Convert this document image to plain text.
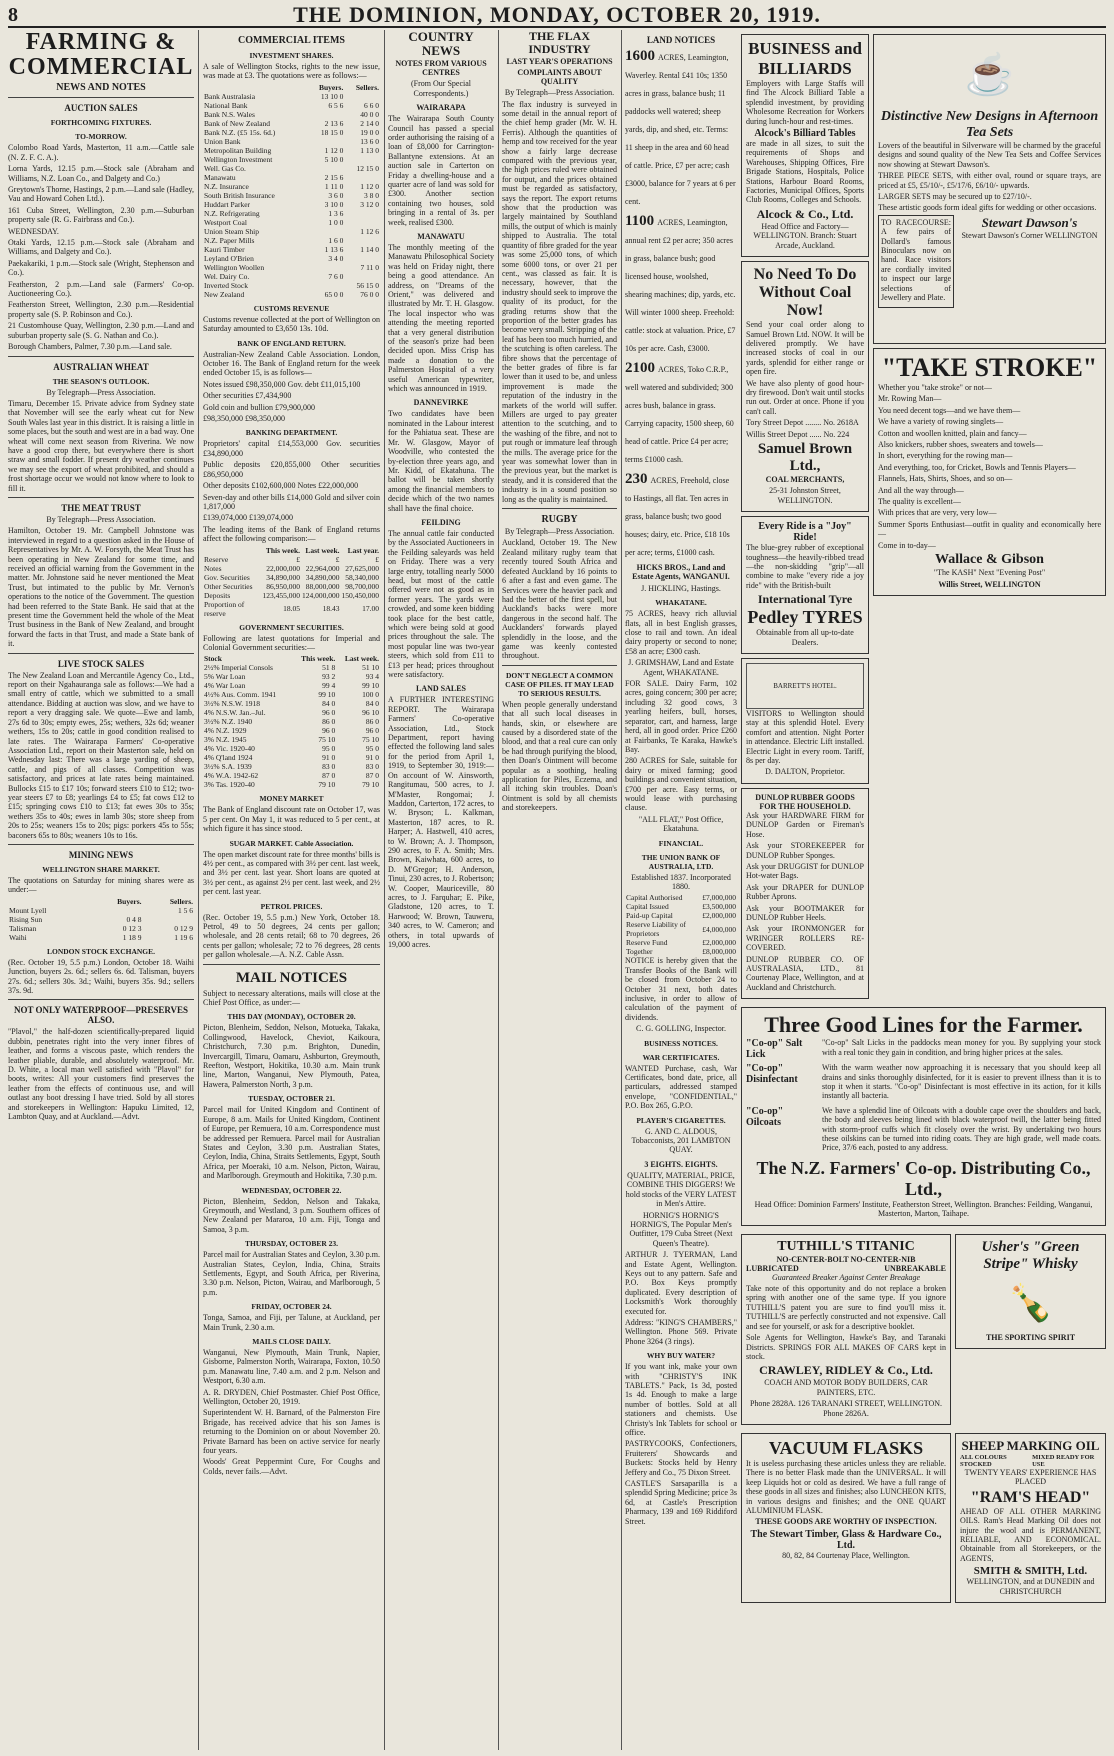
8	THE DOMINION, MONDAY, OCTOBER 20, 1919.
FARMING & COMMERCIAL
NEWS AND NOTES
AUCTION SALES
FORTHCOMING FIXTURES.
TO-MORROW.

Colombo Road Yards, Masterton, 11 a.m.—Cattle sale (N. Z. F. C. A.).

Lorna Yards, 12.15 p.m.—Stock sale (Abraham and Williams, N.Z. Loan Co., and Dalgety and Co.)

Greytown's Thorne, Hastings, 2 p.m.—Land sale (Hadley, Vau and Howard Cohen Ltd.).

161 Cuba Street, Wellington, 2.30 p.m.—Suburban property sale (R. G. Fairbrass and Co.).

WEDNESDAY.

Otaki Yards, 12.15 p.m.—Stock sale (Abraham and Williams, and Dalgety and Co.).

Paekakariki, 1 p.m.—Stock sale (Wright, Stephenson and Co.).

Featherston, 2 p.m.—Land sale (Farmers' Co-op. Auctioneering Co.).

Featherston Street, Wellington, 2.30 p.m.—Residential property sale (S. P. Robinson and Co.).

21 Customhouse Quay, Wellington, 2.30 p.m.—Land and suburban property sale (S. G. Nathan and Co.).

Borough Chambers, Palmer, 7.30 p.m.—Land sale.

AUSTRALIAN WHEAT
THE SEASON'S OUTLOOK.

By Telegraph—Press Association.

Timaru, December 15. Private advice from Sydney state that November will see the early wheat cut for New South Wales last year in this district. It is raising a little in some places, but the south and west are in a bad way. One wheat will come next season from Riverina. We now have a good crop there, but everywhere there is short straw and small fodder. If present dry weather continues we may see the export of wheat prohibited, and should a frost shortage occur we would not know where to look to fill it.

THE MEAT TRUST

By Telegraph—Press Association.

Hamilton, October 19. Mr. Campbell Johnstone was interviewed in regard to a question asked in the House of Representatives by Mr. A. W. Forsyth, the Meat Trust has been operating in New Zealand for some time, and received an official warning from the Government in the matter. Mr. Johnstone said he never mentioned the Meat Trust, but intimated to the public by Mr. Vernon's operations to the notice of the Government. The question had been referred to the State Bank. He said that at the present time the Government held the whole of the Meat Trust business in the Bank of New Zealand, and brought forward the facts in that Trust, and made a State bank of it.

LIVE STOCK SALES

The New Zealand Loan and Mercantile Agency Co., Ltd., report on their Ngahauranga sale as follows:—We had a small entry of cattle, which we submitted to a small attendance. Bidding at auction was slow, and we have to report a very dragging sale. We quote—Ewe and lamb, 27s 6d to 30s; empty ewes, 25s; wethers, 32s 6d; weaner wethers, 15s to 20s; cattle in good condition realised to late rates. The Wairarapa Farmers' Co-operative Association Ltd., report on their Masterton sale, held on Wednesday last: There was a large yarding of sheep, cattle, and pigs of all classes. Competition was satisfactory, and prices at late rates being maintained. Bullocks £15 to £17 10s; forward steers £10 to £12; two-year steers £7 to £8; yearlings £4 to £5; fat cows £12 to £15; springing cows £10 to £13; fat ewes 30s to 35s; wethers 35s to 40s; ewes in lamb 30s; store sheep from 20s to 25s; weaners 15s to 20s; pigs: porkers 45s to 55s; baconers 65s to 80s; weaners 10s to 16s.

MINING NEWS
WELLINGTON SHARE MARKET.

The quotations on Saturday for mining shares were as under:—

	Buyers.	Sellers.
Mount Lyell		1 5 6
Rising Sun	0 4 8	
Talisman	0 12 3	0 12 9
Waihi	1 18 9	1 19 6
LONDON STOCK EXCHANGE.

(Rec. October 19, 5.5 p.m.) London, October 18. Waihi Junction, buyers 2s. 6d.; sellers 6s. 6d. Talisman, buyers 27s. 6d.; sellers 30s. 3d.; Waihi, buyers 35s. 9d.; sellers 37s. 9d.

NOT ONLY WATERPROOF—PRESERVES ALSO.

"Plavol," the half-dozen scientifically-prepared liquid dubbin, penetrates right into the very inner fibres of leather, and forms a viscous paste, which renders the leather pliable, durable, and absolutely waterproof. Mr. D. White, a local man well satisfied with "Plavol" for boots, writes: All your customers find preserves the leather from the effects of continuous use, and will outlast any boot dressing I have tried. Sold by all stores and storekeepers in Wellington: Hapuku Limited, 12, Lambton Quay, and at Auckland.—Advt.

COMMERCIAL ITEMS
INVESTMENT SHARES.

A sale of Wellington Stocks, rights to the new issue, was made at £3. The quotations were as follows:—

	Buyers.	Sellers.
Bank Australasia	13 10 0	
National Bank	6 5 6	6 6 0
Bank N.S. Wales		40 0 0
Bank of New Zealand	2 13 6	2 14 0
Bank N.Z. (£5 15s. 6d.)	18 15 0	19 0 0
Union Bank		13 6 0
Metropolitan Building	1 12 0	1 13 0
Wellington Investment	5 10 0	
Well. Gas Co.		12 15 0
Manawatu	2 15 6	
N.Z. Insurance	1 11 0	1 12 0
South British Insurance	3 6 0	3 8 0
Huddart Parker	3 10 0	3 12 0
N.Z. Refrigerating	1 3 6	
Westport Coal	1 0 0	
Union Steam Ship		1 12 6
N.Z. Paper Mills	1 6 0	
Kauri Timber	1 13 6	1 14 0
Leyland O'Brien	3 4 0	
Wellington Woollen		7 11 0
Wel. Dairy Co.	7 6 0	
Inverted Stock		56 15 0
New Zealand	65 0 0	76 0 0
CUSTOMS REVENUE

Customs revenue collected at the port of Wellington on Saturday amounted to £3,650 13s. 10d.

BANK OF ENGLAND RETURN.

Australian-New Zealand Cable Association. London, October 16. The Bank of England return for the week ended October 15, is as follows—

Notes issued £98,350,000 Gov. debt £11,015,100

Other securities £7,434,900

Gold coin and bullion £79,900,000

£98,350,000 £98,350,000

BANKING DEPARTMENT.

Proprietors' capital £14,553,000 Gov. securities £34,890,000

Public deposits £20,855,000 Other securities £86,950,000

Other deposits £102,600,000 Notes £22,000,000

Seven-day and other bills £14,000 Gold and silver coin 1,817,000

£139,074,000 £139,074,000

The leading items of the Bank of England returns affect the following comparison:—

	This week.	Last week.	Last year.
Reserve	£	£	£
Notes	22,000,000	22,964,000	27,625,000
Gov. Securities	34,890,000	34,890,000	58,340,000
Other Securities	86,950,000	88,000,000	98,700,000
Deposits	123,455,000	124,000,000	150,450,000
Proportion of reserve	18.05	18.43	17.00
GOVERNMENT SECURITIES.

Following are latest quotations for Imperial and Colonial Government securities:—

Stock	This week.	Last week.
2½% Imperial Consols	51 8	51 10
5% War Loan	93 2	93 4
4% War Loan	99 4	99 10
4½% Aus. Comm. 1941	99 10	100 0
3½% N.S.W. 1918	84 0	84 0
4% N.S.W. Jan.–Jul.	96 0	96 10
3½% N.Z. 1940	86 0	86 0
4% N.Z. 1929	96 0	96 0
3% N.Z. 1945	75 10	75 10
4% Vic. 1920-40	95 0	95 0
4% Q'land 1924	91 0	91 0
3½% S.A. 1939	83 0	83 0
4% W.A. 1942-62	87 0	87 0
3% Tas. 1920-40	79 10	79 10
MONEY MARKET

The Bank of England discount rate on October 17, was 5 per cent. On May 1, it was reduced to 5 per cent., at which figure it has since stood.

SUGAR MARKET. Cable Association.

The open market discount rate for three months' bills is 4½ per cent., as compared with 3½ per cent. last week, and 3½ per cent. last year. Short loans are quoted at 3½ per cent., as against 2½ per cent. last week, and 2½ per cent. last year.

PETROL PRICES.

(Rec. October 19, 5.5 p.m.) New York, October 18. Petrol, 49 to 50 degrees, 24 cents per gallon; wholesale, and 28 cents retail; 68 to 70 degrees, 26 cents per gallon; wholesale; 72 to 76 degrees, 28 cents per gallon wholesale.—A. N.Z. Cable Assn.

MAIL NOTICES

Subject to necessary alterations, mails will close at the Chief Post Office, as under:—

THIS DAY (MONDAY), OCTOBER 20.

Picton, Blenheim, Seddon, Nelson, Motueka, Takaka, Collingwood, Havelock, Cheviot, Kaikoura, Christchurch, 7.30 p.m. Brighton, Dunedin, Invercargill, Timaru, Oamaru, Ashburton, Greymouth, Reefton, Westport, Hokitika, 10.30 a.m. Main trunk line, Marton, Wanganui, New Plymouth, Patea, Hawera, Palmerston North, 3 p.m.

TUESDAY, OCTOBER 21.

Parcel mail for United Kingdom and Continent of Europe, 8 a.m. Mails for United Kingdom, Continent of Europe, per Remuera, 10 a.m. Correspondence must be addressed per Remuera. Parcel mail for Australian States and Ceylon, 3.30 p.m. Australian States, Ceylon, India, China, Straits Settlements, Egypt, South Africa, per Moeraki, 10 a.m. Nelson, Picton, Wairau, and Marlborough. Greymouth and Hokitika, 7.30 p.m.

WEDNESDAY, OCTOBER 22.

Picton, Blenheim, Seddon, Nelson and Takaka, Greymouth, and Westland, 3 p.m. Southern offices of New Zealand per Mararoa, 10 a.m. Fiji, Tonga and Samoa, 3 p.m.

THURSDAY, OCTOBER 23.

Parcel mail for Australian States and Ceylon, 3.30 p.m. Australian States, Ceylon, India, China, Straits Settlements, Egypt, and South Africa, per Riverina, 3.30 p.m. Nelson, Picton, Wairau, and Marlborough, 5 p.m.

FRIDAY, OCTOBER 24.

Tonga, Samoa, and Fiji, per Talune, at Auckland, per Main Trunk, 2.30 a.m.

MAILS CLOSE DAILY.

Wanganui, New Plymouth, Main Trunk, Napier, Gisborne, Palmerston North, Wairarapa, Foxton, 10.50 p.m. Manawatu line, 7.40 a.m. and 2 p.m. Nelson and Westport, 6.30 a.m.

A. R. DRYDEN, Chief Postmaster. Chief Post Office, Wellington, October 20, 1919.

Superintendent W. H. Barnard, of the Palmerston Fire Brigade, has received advice that his son James is returning to the Dominion on or about November 20. Private Barnard has been on active service for nearly four years.

Woods' Great Peppermint Cure, For Coughs and Colds, never fails.—Advt.

COUNTRY NEWS
NOTES FROM VARIOUS CENTRES

(From Our Special Correspondents.)

WAIRARAPA

The Wairarapa South County Council has passed a special order authorising the raising of a loan of £8,000 for Carrington-Ballantyne extensions. At an auction sale in Carterton on Friday a dwelling-house and a quarter acre of land was sold for £300. Another section containing two houses, sold bringing in a rental of 3s. per week, realised £300.

MANAWATU

The monthly meeting of the Manawatu Philosophical Society was held on Friday night, there being a good attendance. An address, on "Dreams of the Orient," was delivered and illustrated by Mr. T. H. Glasgow. The local inspector who was attending the meeting reported that a very general distribution of the season's prize had been decided upon. Miss Crisp has made a donation to the Palmerston Hospital of a very useful American typewriter, which was announced in 1919.

DANNEVIRKE

Two candidates have been nominated in the Labour interest for the Pahiatua seat. These are Mr. W. Glasgow, Mayor of Woodville, who contested the by-election three years ago, and Mr. Kidd, of Ekatahuna. The ballot will be taken shortly among the financial members to decide which of the two names shall have the final choice.

FEILDING

The annual cattle fair conducted by the Associated Auctioneers in the Feilding saleyards was held on Friday. There was a very large entry, totalling nearly 5000 head, but most of the cattle offered were not as good as in former years. The yards were crowded, and some keen bidding took place for the best cattle, which were being sold at good prices throughout the sale. The most popular line was two-year steers, which sold from £11 to £13 per head; prices throughout were satisfactory.

LAND SALES

A FURTHER INTERESTING REPORT. The Wairarapa Farmers' Co-operative Association, Ltd., Stock Department, report having effected the following land sales for the period from April 1, 1919, to September 30, 1919:—On account of W. Ainsworth, Rangitumau, 500 acres, to J. M'Master, Rongomai; J. Maddon, Carterton, 172 acres, to W. Bryson; L. Kalkman, Masterton, 187 acres, to R. Harper; A. Hastwell, 410 acres, to W. Brown; A. J. Thompson, 290 acres, to F. A. Smith; Mrs. Brown, Kaiwhata, 600 acres, to D. M'Gregor; H. Anderson, Tinui, 230 acres, to J. Robertson; W. Cooper, Mauriceville, 80 acres, to J. Farquhar; E. Pike, Gladstone, 120 acres, to T. Harwood; W. Brown, Tauweru, 340 acres, to W. Cameron; and others, in total upwards of 19,000 acres.

THE FLAX INDUSTRY
LAST YEAR'S OPERATIONS
COMPLAINTS ABOUT QUALITY

By Telegraph—Press Association.

The flax industry is surveyed in some detail in the annual report of the chief hemp grader (Mr. W. H. Ferris). Although the quantities of hemp and tow received for the year show a fairly large decrease compared with the previous year, the high prices ruled were obtained for output, and the prices obtained must be regarded as satisfactory, says the report. The export returns show that the production was largely maintained by Southland mills, the output of which is mainly shipped to Australia. The total quantity of fibre graded for the year was some 25,000 tons, of which some 6000 tons, or over 21 per cent., was classed as fair. It is necessary, however, that the industry should seek to improve the quality of its product, for the grading returns show that the proportion of the better grades has become very small. Stripping of the leaf has been too much hurried, and the scutching is often careless. The fibre shows that the percentage of the better grades of fibre is far lower than it used to be, and unless improvement is made the reputation of the industry in the markets of the world will suffer. Millers are urged to pay greater attention to the scutching, and to the washing of the fibre, and not to put rough or immature leaf through the mills. The average price for the year was somewhat lower than in the previous year, but the market is steady, and it is considered that the industry is in a sound position so long as the quality is maintained.

RUGBY

By Telegraph—Press Association.

Auckland, October 19. The New Zealand military rugby team that recently toured South Africa and defeated Auckland by 16 points to 6 after a fast and even game. The Services were the heavier pack and had the better of the first spell, but Auckland's backs were more dangerous in the second half. The Aucklanders' forwards played splendidly in the loose, and the game was keenly contested throughout.

DON'T NEGLECT A COMMON CASE OF PILES. IT MAY LEAD TO SERIOUS RESULTS.

When people generally understand that all such local diseases in hands, skin, or elsewhere are caused by a disordered state of the blood, and that a real cure can only be had through purifying the blood, then Doan's Ointment will become popular as a soothing, healing application for Piles, Eczema, and all itching skin troubles. Doan's Ointment is sold by all chemists and storekeepers.

LAND NOTICES
1600 ACRES, Leamington, Waverley. Rental £41 10s; 1350 acres in grass, balance bush; 11 paddocks well watered; sheep yards, dip, and shed, etc. Terms: 11 sheep in the area and 60 head of cattle. Price, £7 per acre; cash £3000, balance for 7 years at 6 per cent.
1100 ACRES, Leamington, annual rent £2 per acre; 350 acres in grass, balance bush; good licensed house, woolshed, shearing machines; dip, yards, etc. Will winter 1000 sheep. Freehold: cattle: stock at valuation. Price, £7 10s per acre. Cash, £3000.
2100 ACRES, Toko C.R.P., well watered and subdivided; 300 acres bush, balance in grass. Carrying capacity, 1500 sheep, 60 head of cattle. Price £4 per acre; terms £1000 cash.
230 ACRES, Freehold, close to Hastings, all flat. Ten acres in grass, balance bush; two good houses; dairy, etc. Price, £18 10s per acre; terms, £1000 cash.

HICKS BROS., Land and Estate Agents, WANGANUI.

J. HICKLING, Hastings.

WHAKATANE.

75 ACRES, heavy rich alluvial flats, all in best English grasses, close to rail and town. An ideal dairy property or second to none; £58 an acre; £300 cash.

J. GRIMSHAW, Land and Estate Agent, WHAKATANE.

FOR SALE. Dairy Farm, 102 acres, going concern; 300 per acre; including 32 good cows, 3 yearling heifers, bull, horses, separator, cart, and harness, large herd, all in good order. Price £260 at Fairbanks, Te Karaka, Hawke's Bay.

280 ACRES for Sale, suitable for dairy or mixed farming; good buildings and convenient situation, £700 per acre. Easy terms, or would lease with purchasing clause.

"ALL FLAT," Post Office, Ekatahuna.

FINANCIAL.
THE UNION BANK OF AUSTRALIA, LTD.

Established 1837. Incorporated 1880.

Capital Authorised	£7,000,000
Capital Issued	£3,500,000
Paid-up Capital	£2,000,000
Reserve Liability of Proprietors	£4,000,000
Reserve Fund	£2,000,000
Together	£8,000,000

NOTICE is hereby given that the Transfer Books of the Bank will be closed from October 24 to October 31 next, both dates inclusive, in order to allow of calculation of the payment of dividends.

C. G. GOLLING, Inspector.

BUSINESS NOTICES.
WAR CERTIFICATES.

WANTED Purchase, cash, War Certificates, bond date, price, all particulars, addressed stamped envelope, "CONFIDENTIAL," P.O. Box 265, G.P.O.

PLAYER'S CIGARETTES.

G. AND C. ALDOUS, Tobacconists, 201 LAMBTON QUAY.

3 EIGHTS. EIGHTS.

QUALITY, MATERIAL, PRICE, COMBINE THIS DIGGERS! We hold stocks of the VERY LATEST in Men's Attire.

HORNIG'S HORNIG'S HORNIG'S, The Popular Men's Outfitter, 179 Cuba Street (Next Queen's Theatre).

ARTHUR J. TYERMAN, Land and Estate Agent, Wellington. Keys out to any pattern. Safe and P.O. Box Keys promptly duplicated. Every description of Locksmith's Work thoroughly executed for.

Address: "KING'S CHAMBERS," Wellington. Phone 569. Private Phone 3264 (3 rings).

WHY BUY WATER?

If you want ink, make your own with "CHRISTY'S INK TABLETS." Pack, 1s 3d, posted 1s 4d. Enough to make a large number of bottles. Sold at all stationers and chemists. Use Christy's Ink Tablets for school or office.

PASTRYCOOKS, Confectioners, Fruiterers' Showcards and Buckets: Stocks held by Henry Jeffery and Co., 75 Dixon Street.

CASTLE'S Sarsaparilla is a splendid Spring Medicine; price 3s 6d, at Castle's Prescription Pharmacy, 139 and 169 Riddiford Street.

BUSINESS and BILLIARDS

Employers with Large Staffs will find The Alcock Billiard Table a splendid investment, by providing Wholesome Recreation for Workers during lunch-hour and rest-times.

Alcock's Billiard Tables

are made in all sizes, to suit the requirements of Shops and Warehouses, Shipping Offices, Fire Brigade Stations, Hospitals, Police Stations, Harbour Board Rooms, Factories, Municipal Offices, Sports Club Rooms, Colleges and Schools.

Alcock & Co., Ltd.

Head Office and Factory—WELLINGTON. Branch: Stuart Arcade, Auckland.

No Need To Do Without Coal Now!

Send your coal order along to Samuel Brown Ltd. NOW. It will be delivered promptly. We have increased stocks of coal in our yards, splendid for either range or open fire.

We have also plenty of good hour-dry firewood. Don't wait until stocks run out. Order at once. Phone if you can't call.

Tory Street Depot ........ No. 2618A

Willis Street Depot ...... No. 224

Samuel Brown Ltd.,

COAL MERCHANTS,

25-31 Johnston Street, WELLINGTON.

Every Ride is a "Joy" Ride!

The blue-grey rubber of exceptional toughness—the heavily-ribbed tread—the non-skidding "grip"—all combine to make "every ride a joy ride" with the British-built

International Tyre
Pedley TYRES

Obtainable from all up-to-date Dealers.

BARRETT'S HOTEL.

VISITORS to Wellington should stay at this splendid Hotel. Every comfort and attention. Night Porter in attendance. Electric Lift installed. Electric Light in every room. Tariff, 8s per day.

D. DALTON, Proprietor.

DUNLOP RUBBER GOODS FOR THE HOUSEHOLD.

Ask your HARDWARE FIRM for DUNLOP Garden or Fireman's Hose.

Ask your STOREKEEPER for DUNLOP Rubber Sponges.

Ask your DRUGGIST for DUNLOP Hot-water Bags.

Ask your DRAPER for DUNLOP Rubber Aprons.

Ask your BOOTMAKER for DUNLOP Rubber Heels.

Ask your IRONMONGER for WRINGER ROLLERS RE-COVERED.

DUNLOP RUBBER CO. OF AUSTRALASIA, LTD., 81 Courtenay Place, Wellington, and at Auckland and Christchurch.

☕
Distinctive New Designs in Afternoon Tea Sets

Lovers of the beautiful in Silverware will be charmed by the graceful designs and sound quality of the New Tea Sets and Coffee Services now showing at Stewart Dawson's.

THREE PIECE SETS, with either oval, round or square trays, are priced at £5, £5/10/-, £5/17/6, £6/10/- upwards.

LARGER SETS may be secured up to £27/10/-.

These artistic goods form ideal gifts for wedding or other occasions.

TO RACECOURSE: A few pairs of Dollard's famous Binoculars now on hand. Race visitors are cordially invited to inspect our large selections of Jewellery and Plate.

Stewart Dawson's

Stewart Dawson's Corner WELLINGTON

"TAKE STROKE"

Whether you "take stroke" or not—

Mr. Rowing Man—

You need decent togs—and we have them—

We have a variety of rowing singlets—

Cotton and woollen knitted, plain and fancy—

Also knickers, rubber shoes, sweaters and towels—

In short, everything for the rowing man—

And everything, too, for Cricket, Bowls and Tennis Players—

Flannels, Hats, Shirts, Shoes, and so on—

And all the way through—

The quality is excellent—

With prices that are very, very low—

Summer Sports Enthusiast—outfit in quality and economically here—

Come in to-day—

Wallace & Gibson

"The KASH" Next "Evening Post"

Willis Street, WELLINGTON

Three Good Lines for the Farmer.
"Co-op" Salt Lick

"Co-op" Salt Licks in the paddocks mean money for you. By supplying your stock with a real tonic they gain in condition, and bring higher prices at the sales.

"Co-op" Disinfectant

With the warm weather now approaching it is necessary that you should keep all drains and sinks thoroughly disinfected, for it is easier to prevent illness than it is to stop it when it starts. "Co-op" Disinfectant is most effective in its action, for it kills instantly all bacteria.

"Co-op" Oilcoats

We have a splendid line of Oilcoats with a double cape over the shoulders and back, the body and sleeves being lined with black waterproof twill, the latter being fitted with storm-proof cuffs which fit closely over the wrist. By undertaking two hours these oilskins can be turned into riding coats. They are high grade, well made coats. Price, 37/6 each, posted to any address.

The N.Z. Farmers' Co-op. Distributing Co., Ltd.,

Head Office: Dominion Farmers' Institute, Featherston Street, Wellington. Branches: Feilding, Wanganui, Masterton, Marton, Taihape.

TUTHILL'S TITANIC
NO-CENTER-BOLT NO-CENTER-NIB
LUBRICATED	UNBREAKABLE

Guaranteed Breaker Against Center Breakage

Take note of this opportunity and do not replace a broken spring with another one of the same type. If you ignore TUTHILL'S patent you are sure to find you'll miss it. TUTHILL'S are perfectly constructed and not expensive. Call and see for yourself, or ask for a descriptive booklet.

Sole Agents for Wellington, Hawke's Bay, and Taranaki Districts. SPRINGS FOR ALL MAKES OF CARS kept in stock.

CRAWLEY, RIDLEY & Co., Ltd.

COACH AND MOTOR BODY BUILDERS, CAR PAINTERS, ETC.

Phone 2828A. 126 TARANAKI STREET, WELLINGTON. Phone 2826A.

Usher's "Green Stripe" Whisky
🍾

THE SPORTING SPIRIT

VACUUM FLASKS

It is useless purchasing these articles unless they are reliable. There is no better Flask made than the UNIVERSAL. It will keep Liquids hot or cold as desired. We have a full range of these goods in all sizes and finishes; also LUNCHEON KITS, in various designs and finishes; and the ONE QUART ALUMINIUM FLASK.

THESE GOODS ARE WORTHY OF INSPECTION.

The Stewart Timber, Glass & Hardware Co., Ltd.

80, 82, 84 Courtenay Place, Wellington.

SHEEP MARKING OIL
ALL COLOURS STOCKED
MIXED READY FOR USE

TWENTY YEARS' EXPERIENCE HAS PLACED

"RAM'S HEAD"

AHEAD OF ALL OTHER MARKING OILS. Ram's Head Marking Oil does not injure the wool and is PERMANENT, RELIABLE, AND ECONOMICAL. Obtainable from all Storekeepers, or the AGENTS,

SMITH & SMITH, Ltd.

WELLINGTON, and at DUNEDIN and CHRISTCHURCH
